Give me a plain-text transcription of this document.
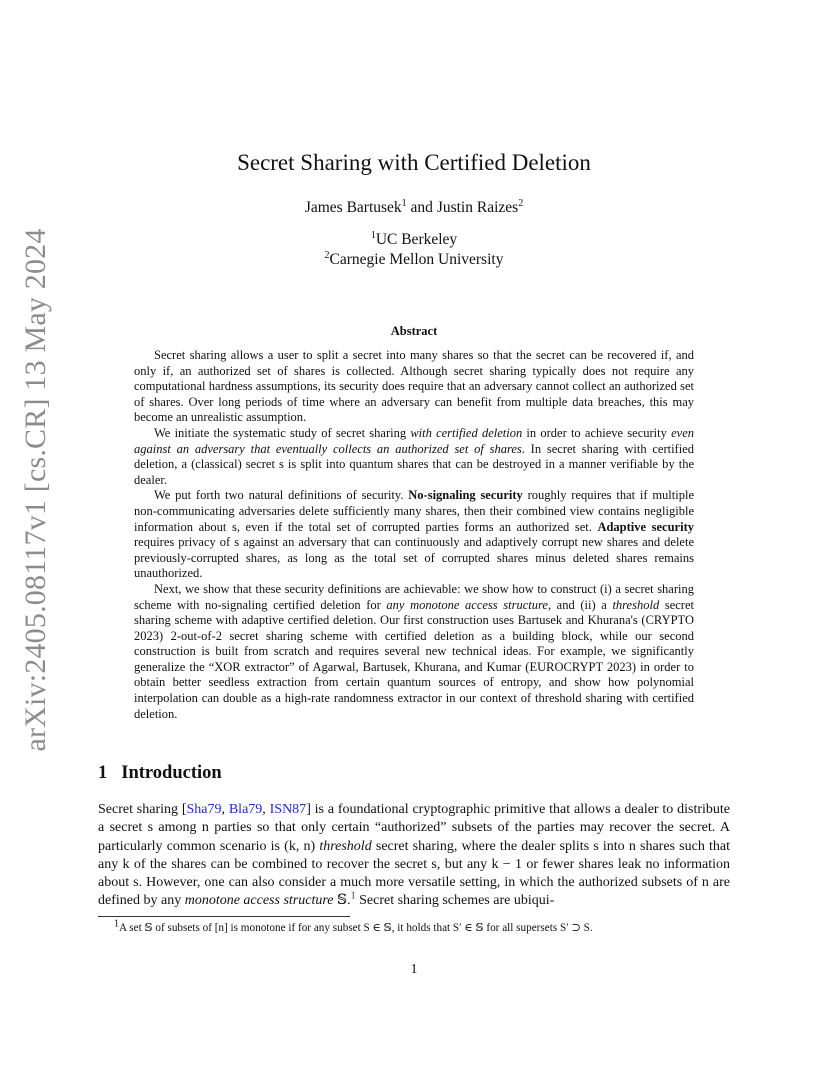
arXiv:2405.08117v1 [cs.CR] 13 May 2024
Secret Sharing with Certified Deletion
James Bartusek$^1$ and Justin Raizes$^2$
$^1$UC Berkeley
$^2$Carnegie Mellon University
Abstract

Secret sharing allows a user to split a secret into many shares so that the secret can be recovered if, and only if, an authorized set of shares is collected. Although secret sharing typically does not require any computational hardness assumptions, its security does require that an adversary cannot collect an authorized set of shares. Over long periods of time where an adversary can benefit from multiple data breaches, this may become an unrealistic assumption.

We initiate the systematic study of secret sharing with certified deletion in order to achieve security even against an adversary that eventually collects an authorized set of shares. In secret sharing with certified deletion, a (classical) secret s is split into quantum shares that can be destroyed in a manner verifiable by the dealer.

We put forth two natural definitions of security. No-signaling security roughly requires that if multiple non-communicating adversaries delete sufficiently many shares, then their combined view contains negligible information about s, even if the total set of corrupted parties forms an authorized set. Adaptive security requires privacy of s against an adversary that can continuously and adaptively corrupt new shares and delete previously-corrupted shares, as long as the total set of corrupted shares minus deleted shares remains unauthorized.

Next, we show that these security definitions are achievable: we show how to construct (i) a secret sharing scheme with no-signaling certified deletion for any monotone access structure, and (ii) a threshold secret sharing scheme with adaptive certified deletion. Our first construction uses Bartusek and Khurana's (CRYPTO 2023) 2-out-of-2 secret sharing scheme with certified deletion as a building block, while our second construction is built from scratch and requires several new technical ideas. For example, we significantly generalize the “XOR extractor” of Agarwal, Bartusek, Khurana, and Kumar (EUROCRYPT 2023) in order to obtain better seedless extraction from certain quantum sources of entropy, and show how polynomial interpolation can double as a high-rate randomness extractor in our context of threshold sharing with certified deletion.

1 Introduction

Secret sharing [Sha79, Bla79, ISN87] is a foundational cryptographic primitive that allows a dealer to distribute a secret s among n parties so that only certain “authorized” subsets of the parties may recover the secret. A particularly common scenario is (k, n) threshold secret sharing, where the dealer splits s into n shares such that any k of the shares can be combined to recover the secret s, but any k − 1 or fewer shares leak no information about s. However, one can also consider a much more versatile setting, in which the authorized subsets of n are defined by any monotone access structure 𝕊.$^1$ Secret sharing schemes are ubiqui-

$^1$A set 𝕊 of subsets of [n] is monotone if for any subset S ∈ 𝕊, it holds that S′ ∈ 𝕊 for all supersets S′ ⊃ S.
1
